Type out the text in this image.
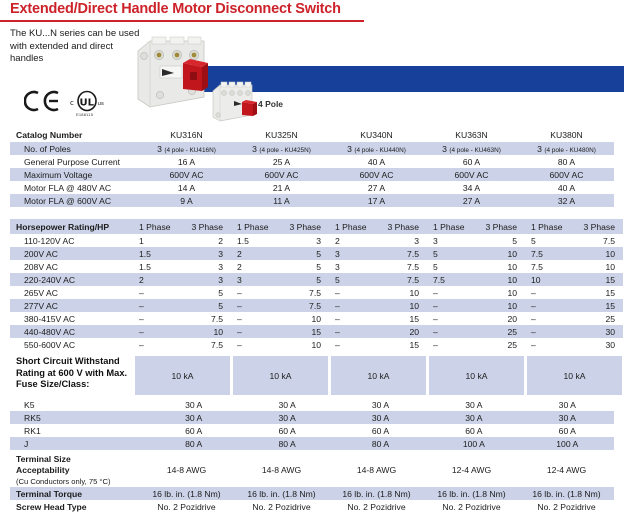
Extended/Direct Handle Motor Disconnect Switch
The KU...N series can be used with extended and direct handles
4 Pole
c UL us
E188115
Catalog Number	KU316N	KU325N	KU340N	KU363N	KU380N
No. of Poles	3 (4 pole - KU416N)	3 (4 pole - KU425N)	3 (4 pole - KU440N)	3 (4 pole - KU463N)	3 (4 pole - KU480N)
General Purpose Current	16 A	25 A	40 A	60 A	80 A
Maximum Voltage	600V AC	600V AC	600V AC	600V AC	600V AC
Motor FLA @ 480V AC	14 A	21 A	27 A	34 A	40 A
Motor FLA @ 600V AC	9 A	11 A	17 A	27 A	32 A
Horsepower Rating/HP	1 Phase	3 Phase	1 Phase	3 Phase	1 Phase	3 Phase	1 Phase	3 Phase	1 Phase	3 Phase
110-120V AC	1	2	1.5	3	2	3	3	5	5	7.5
200V AC	1.5	3	2	5	3	7.5	5	10	7.5	10
208V AC	1.5	3	2	5	3	7.5	5	10	7.5	10
220-240V AC	2	3	3	5	5	7.5	7.5	10	10	15
265V AC	–	5	–	7.5	–	10	–	10	–	15
277V AC	–	5	–	7.5	–	10	–	10	–	15
380-415V AC	–	7.5	–	10	–	15	–	20	–	25
440-480V AC	–	10	–	15	–	20	–	25	–	30
550-600V AC	–	7.5	–	10	–	15	–	25	–	30
Short Circuit Withstand
Rating at 600 V with Max.
Fuse Size/Class:
10 kA	10 kA	10 kA	10 kA	10 kA
K5	30 A	30 A	30 A	30 A	30 A
RK5	30 A	30 A	30 A	30 A	30 A
RK1	60 A	60 A	60 A	60 A	60 A
J	80 A	80 A	80 A	100 A	100 A
Terminal Size	14-8 AWG	14-8 AWG	14-8 AWG	12-4 AWG	12-4 AWG
Acceptability					
(Cu Conductors only, 75 °C)					
Terminal Torque	16 lb. in. (1.8 Nm)	16 lb. in. (1.8 Nm)	16 lb. in. (1.8 Nm)	16 lb. in. (1.8 Nm)	16 lb. in. (1.8 Nm)
Screw Head Type	No. 2 Pozidrive	No. 2 Pozidrive	No. 2 Pozidrive	No. 2 Pozidrive	No. 2 Pozidrive
